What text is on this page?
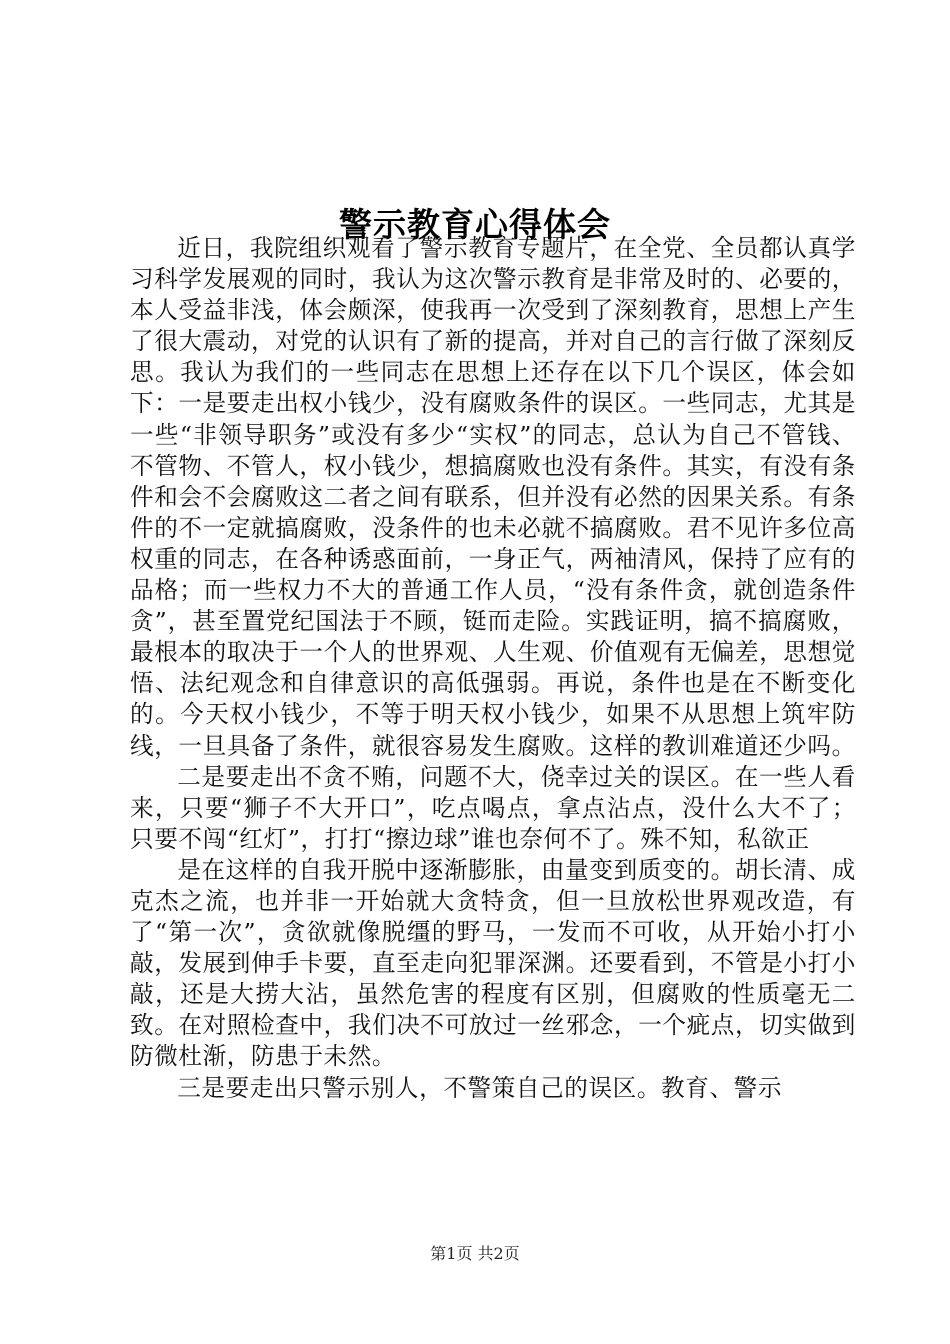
警示教育心得体会

近日，我院组织观看了警示教育专题片，在全党、全员都认真学习科学发展观的同时，我认为这次警示教育是非常及时的、必要的，本人受益非浅，体会颇深，使我再一次受到了深刻教育，思想上产生了很大震动，对党的认识有了新的提高，并对自己的言行做了深刻反思。我认为我们的一些同志在思想上还存在以下几个误区，体会如下：一是要走出权小钱少，没有腐败条件的误区。一些同志，尤其是一些“非领导职务”或没有多少“实权”的同志，总认为自己不管钱、不管物、不管人，权小钱少，想搞腐败也没有条件。其实，有没有条件和会不会腐败这二者之间有联系，但并没有必然的因果关系。有条件的不一定就搞腐败，没条件的也未必就不搞腐败。君不见许多位高权重的同志，在各种诱惑面前，一身正气，两袖清风，保持了应有的品格；而一些权力不大的普通工作人员，“没有条件贪，就创造条件贪”，甚至置党纪国法于不顾，铤而走险。实践证明，搞不搞腐败，最根本的取决于一个人的世界观、人生观、价值观有无偏差，思想觉悟、法纪观念和自律意识的高低强弱。再说，条件也是在不断变化的。今天权小钱少，不等于明天权小钱少，如果不从思想上筑牢防线，一旦具备了条件，就很容易发生腐败。这样的教训难道还少吗。

二是要走出不贪不贿，问题不大，侥幸过关的误区。在一些人看来，只要“狮子不大开口”，吃点喝点，拿点沾点，没什么大不了；只要不闯“红灯”，打打“擦边球”谁也奈何不了。殊不知，私欲正

是在这样的自我开脱中逐渐膨胀，由量变到质变的。胡长清、成克杰之流，也并非一开始就大贪特贪，但一旦放松世界观改造，有了“第一次”，贪欲就像脱缰的野马，一发而不可收，从开始小打小敲，发展到伸手卡要，直至走向犯罪深渊。还要看到，不管是小打小敲，还是大捞大沾，虽然危害的程度有区别，但腐败的性质毫无二致。在对照检查中，我们决不可放过一丝邪念，一个疵点，切实做到防微杜渐，防患于未然。

三是要走出只警示别人，不警策自己的误区。教育、警示

第1页 共2页
